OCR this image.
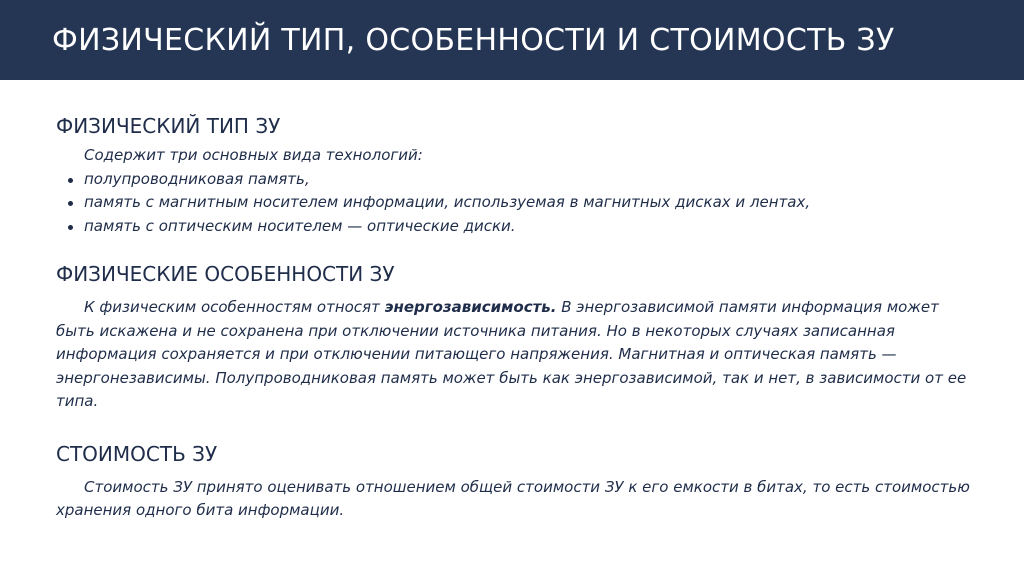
ФИЗИЧЕСКИЙ ТИП, ОСОБЕННОСТИ И СТОИМОСТЬ ЗУ
ФИЗИЧЕСКИЙ ТИП ЗУ

Содержит три основных вида технологий:

полупроводниковая память,
память с магнитным носителем информации, используемая в магнитных дисках и лентах,
память с оптическим носителем — оптические диски.
ФИЗИЧЕСКИЕ ОСОБЕННОСТИ ЗУ

К физическим особенностям относят энергозависимость. В энергозависимой памяти информация может быть искажена и не сохранена при отключении источника питания. Но в некоторых случаях записанная информация сохраняется и при отключении питающего напряжения. Магнитная и оптическая память — энергонезависимы. Полупроводниковая память может быть как энергозависимой, так и нет, в зависимости от ее типа.

СТОИМОСТЬ ЗУ

Стоимость ЗУ принято оценивать отношением общей стоимости ЗУ к его емкости в битах, то есть стоимостью хранения одного бита информации.
